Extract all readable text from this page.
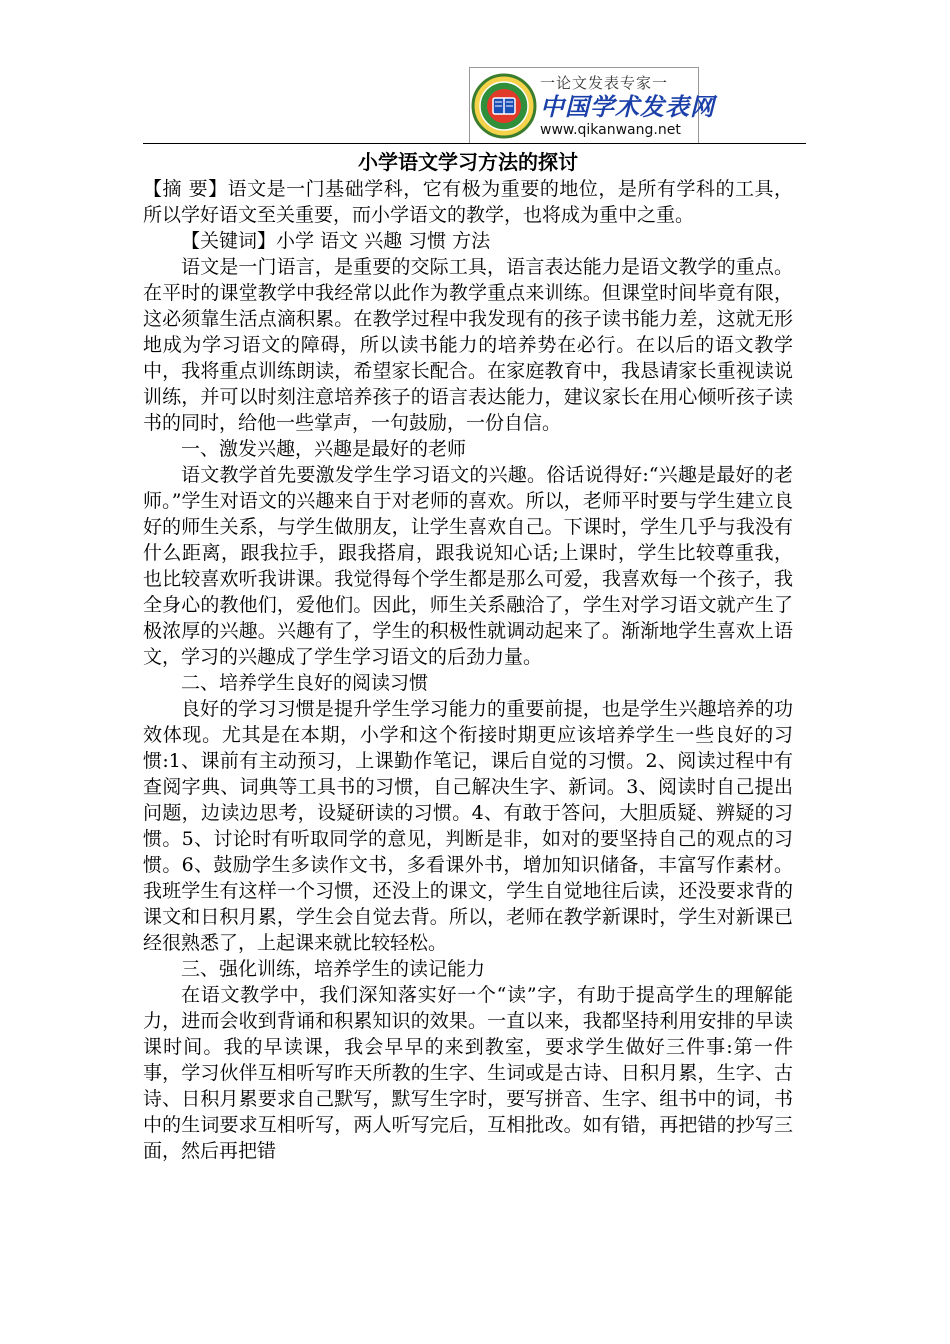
一论文发表专家一
中国学术发表网
www.qikanwang.net
小学语文学习方法的探讨

【摘 要】语文是一门基础学科，它有极为重要的地位，是所有学科的工具，所以学好语文至关重要，而小学语文的教学，也将成为重中之重。

【关键词】小学 语文 兴趣 习惯 方法

语文是一门语言，是重要的交际工具，语言表达能力是语文教学的重点。在平时的课堂教学中我经常以此作为教学重点来训练。但课堂时间毕竟有限，这必须靠生活点滴积累。在教学过程中我发现有的孩子读书能力差，这就无形地成为学习语文的障碍，所以读书能力的培养势在必行。在以后的语文教学中，我将重点训练朗读，希望家长配合。在家庭教育中，我恳请家长重视读说训练，并可以时刻注意培养孩子的语言表达能力，建议家长在用心倾听孩子读书的同时，给他一些掌声，一句鼓励，一份自信。

一、激发兴趣，兴趣是最好的老师

语文教学首先要激发学生学习语文的兴趣。俗话说得好:“兴趣是最好的老师。”学生对语文的兴趣来自于对老师的喜欢。所以，老师平时要与学生建立良好的师生关系，与学生做朋友，让学生喜欢自己。下课时，学生几乎与我没有什么距离，跟我拉手，跟我搭肩，跟我说知心话;上课时，学生比较尊重我，也比较喜欢听我讲课。我觉得每个学生都是那么可爱，我喜欢每一个孩子，我全身心的教他们，爱他们。因此，师生关系融洽了，学生对学习语文就产生了极浓厚的兴趣。兴趣有了，学生的积极性就调动起来了。渐渐地学生喜欢上语文，学习的兴趣成了学生学习语文的后劲力量。

二、培养学生良好的阅读习惯

良好的学习习惯是提升学生学习能力的重要前提，也是学生兴趣培养的功效体现。尤其是在本期，小学和这个衔接时期更应该培养学生一些良好的习惯:1、课前有主动预习，上课勤作笔记，课后自觉的习惯。2、阅读过程中有查阅字典、词典等工具书的习惯，自己解决生字、新词。3、阅读时自己提出问题，边读边思考，设疑研读的习惯。4、有敢于答问，大胆质疑、辨疑的习惯。5、讨论时有听取同学的意见，判断是非，如对的要坚持自己的观点的习惯。6、鼓励学生多读作文书，多看课外书，增加知识储备，丰富写作素材。我班学生有这样一个习惯，还没上的课文，学生自觉地往后读，还没要求背的课文和日积月累，学生会自觉去背。所以，老师在教学新课时，学生对新课已经很熟悉了，上起课来就比较轻松。

三、强化训练，培养学生的读记能力

在语文教学中，我们深知落实好一个“读”字，有助于提高学生的理解能力，进而会收到背诵和积累知识的效果。一直以来，我都坚持利用安排的早读课时间。我的早读课，我会早早的来到教室，要求学生做好三件事:第一件事，学习伙伴互相听写昨天所教的生字、生词或是古诗、日积月累，生字、古诗、日积月累要求自己默写，默写生字时，要写拼音、生字、组书中的词，书中的生词要求互相听写，两人听写完后，互相批改。如有错，再把错的抄写三面，然后再把错
